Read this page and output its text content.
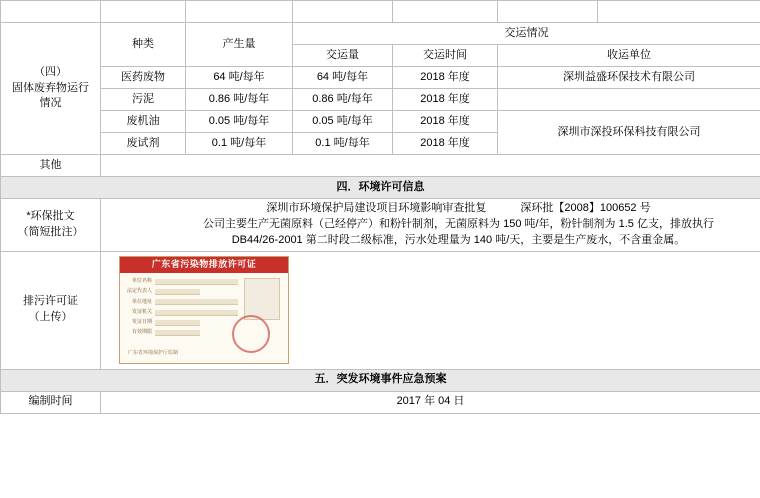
（四）
固体废弃物运行
情况	种类	产生量	交运情况			
			交运量	交运时间	收运单位	
	医药废物	64 吨/每年	64 吨/每年	2018 年度	深圳益盛环保技术有限公司	
	污泥	0.86 吨/每年	0.86 吨/每年	2018 年度		
	废机油	0.05 吨/每年	0.05 吨/每年	2018 年度	深圳市深投环保科技有限公司	
	废试剂	0.1 吨/每年	0.1 吨/每年	2018 年度		
其他						
四．环境许可信息						

*环保批文
（简短批注）

深圳市环境保护局建设项目环境影响审查批复	深环批【2008】100652 号
公司主要生产无菌原料（己经停产）和粉针制剂，无菌原料为 150 吨/年，粉针制剂为 1.5 亿支，排放执行
DB44/26-2001 第二时段二级标准，污水处理量为 140 吨/天，主要是生产废水，不含重金属。

排污许可证
（上传）

广东省污染物排放许可证
单位名称
法定代表人
单位地址
发证机关
发证日期
有效期限
广东省环境保护厅监制

五．突发环境事件应急预案						
编制时间	2017 年 04 日					
